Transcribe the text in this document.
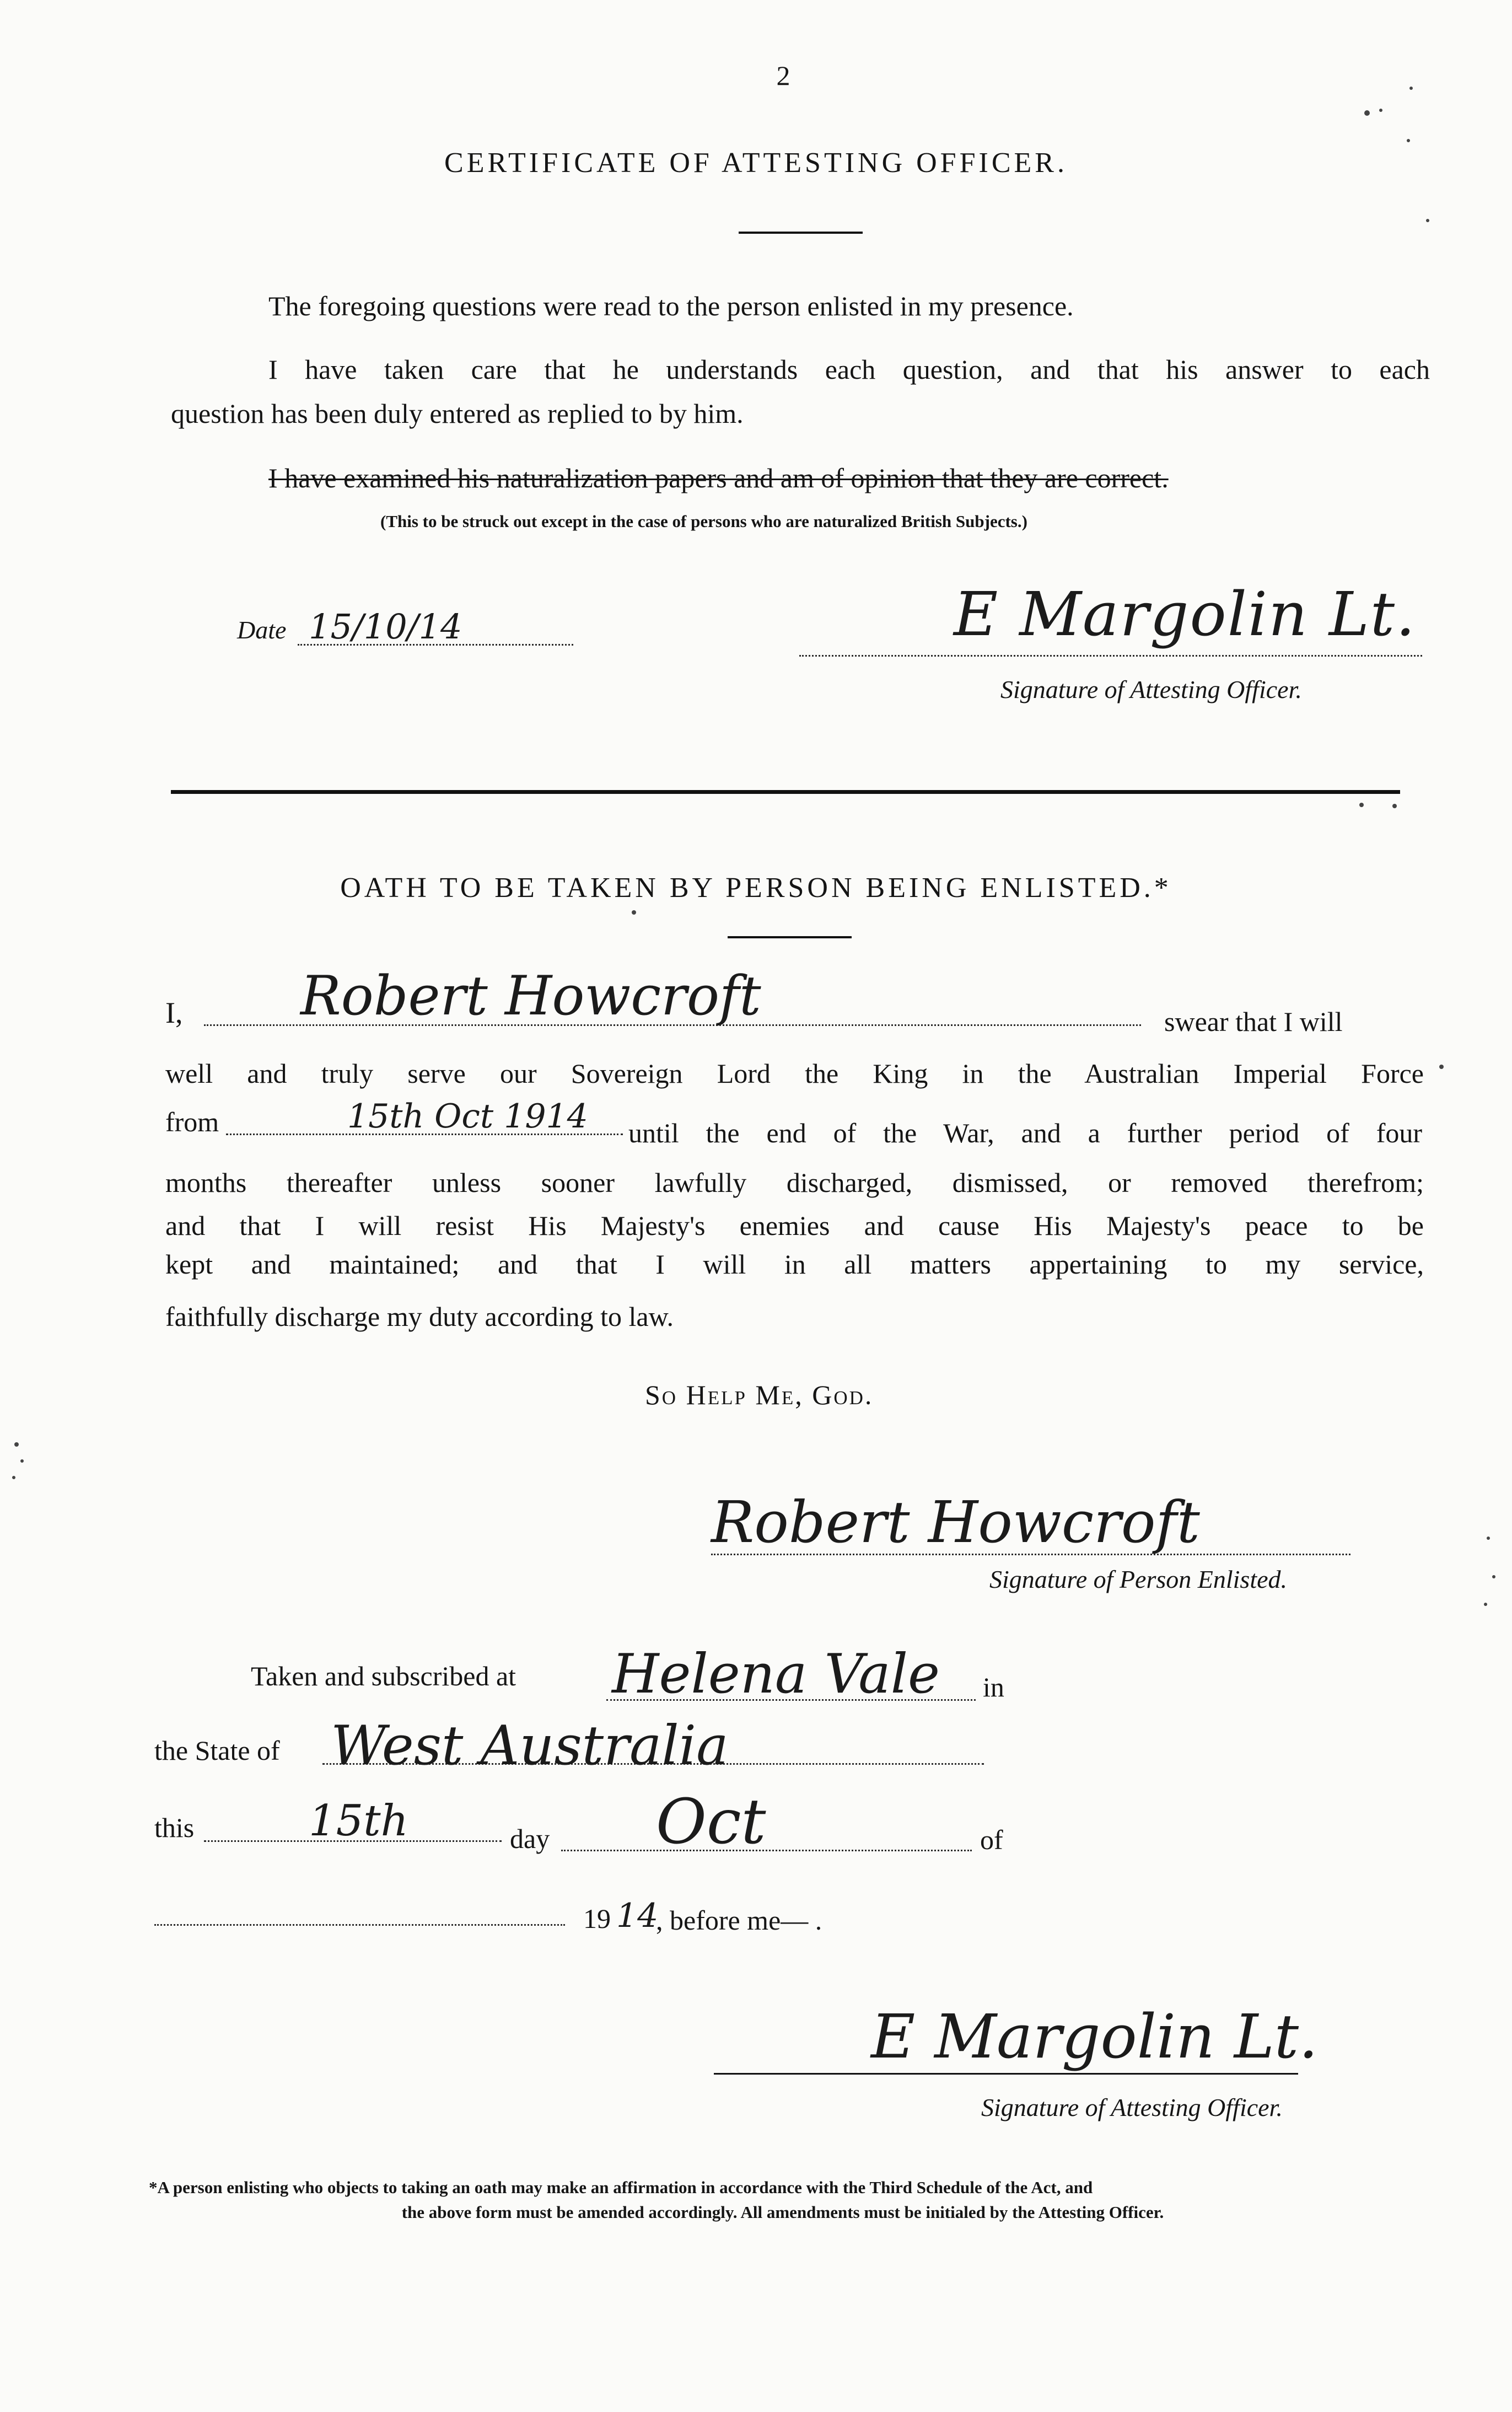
2
CERTIFICATE OF ATTESTING OFFICER.
The foregoing questions were read to the person enlisted in my presence.
I have taken care that he understands each question, and that his answer to each
question has been duly entered as replied to by him.
I have examined his naturalization papers and am of opinion that they are correct.
(This to be struck out except in the case of persons who are naturalized British Subjects.)
Date 15/10/14	E Margolin Lt.
Signature of Attesting Officer.
OATH TO BE TAKEN BY PERSON BEING ENLISTED.*
I, Robert Howcroft	swear that I will
well and truly serve our Sovereign Lord the King in the Australian Imperial Force
from	15th Oct 1914 until the end of the War, and a further period of four
months thereafter unless sooner lawfully discharged, dismissed, or removed therefrom;
and that I will resist His Majesty's enemies and cause His Majesty's peace to be
kept and maintained; and that I will in all matters appertaining to my service,
faithfully discharge my duty according to law.
So Help Me, God.
Robert Howcroft
Signature of Person Enlisted.
Taken and subscribed at Helena Vale in
the State of West Australia
this	15th	day Oct	of
19 14
, before me— .
E Margolin Lt.
Signature of Attesting Officer.
*A person enlisting who objects to taking an oath may make an affirmation in accordance with the Third Schedule of the Act, and
the above form must be amended accordingly. All amendments must be initialed by the Attesting Officer.
